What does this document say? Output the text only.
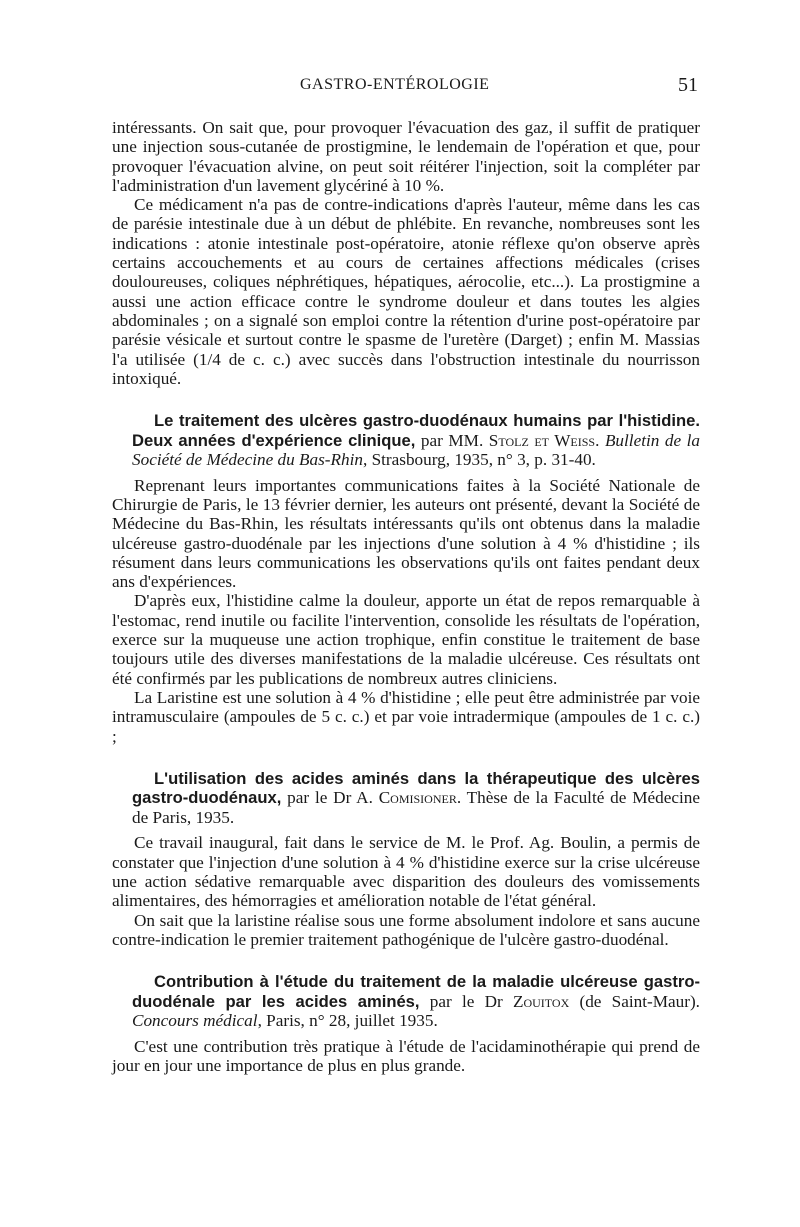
GASTRO-ENTÉROLOGIE	51

intéressants. On sait que, pour provoquer l'évacuation des gaz, il suffit de pratiquer une injection sous-cutanée de prostigmine, le lendemain de l'opération et que, pour provoquer l'évacuation alvine, on peut soit réitérer l'injection, soit la compléter par l'administration d'un lavement glycériné à 10 %.

Ce médicament n'a pas de contre-indications d'après l'auteur, même dans les cas de parésie intestinale due à un début de phlébite. En revanche, nombreuses sont les indications : atonie intestinale post-opératoire, atonie réflexe qu'on observe après certains accouchements et au cours de certaines affections médicales (crises douloureuses, coliques néphrétiques, hépatiques, aérocolie, etc...). La prostigmine a aussi une action efficace contre le syndrome douleur et dans toutes les algies abdominales ; on a signalé son emploi contre la rétention d'urine post-opératoire par parésie vésicale et surtout contre le spasme de l'uretère (Darget) ; enfin M. Massias l'a utilisée (1/4 de c. c.) avec succès dans l'obstruction intestinale du nourrisson intoxiqué.

Le traitement des ulcères gastro-duodénaux humains par l'histidine. Deux années d'expérience clinique, par MM. Stolz et Weiss. Bulletin de la Société de Médecine du Bas-Rhin, Strasbourg, 1935, n° 3, p. 31-40.

Reprenant leurs importantes communications faites à la Société Nationale de Chirurgie de Paris, le 13 février dernier, les auteurs ont présenté, devant la Société de Médecine du Bas-Rhin, les résultats intéressants qu'ils ont obtenus dans la maladie ulcéreuse gastro-duodénale par les injections d'une solution à 4 % d'histidine ; ils résument dans leurs communications les observations qu'ils ont faites pendant deux ans d'expériences.

D'après eux, l'histidine calme la douleur, apporte un état de repos remarquable à l'estomac, rend inutile ou facilite l'intervention, consolide les résultats de l'opération, exerce sur la muqueuse une action trophique, enfin constitue le traitement de base toujours utile des diverses manifestations de la maladie ulcéreuse. Ces résultats ont été confirmés par les publications de nombreux autres cliniciens.

La Laristine est une solution à 4 % d'histidine ; elle peut être administrée par voie intramusculaire (ampoules de 5 c. c.) et par voie intradermique (ampoules de 1 c. c.) ;

L'utilisation des acides aminés dans la thérapeutique des ulcères gastro-duodénaux, par le Dr A. Comisioner. Thèse de la Faculté de Médecine de Paris, 1935.

Ce travail inaugural, fait dans le service de M. le Prof. Ag. Boulin, a permis de constater que l'injection d'une solution à 4 % d'histidine exerce sur la crise ulcéreuse une action sédative remarquable avec disparition des douleurs des vomissements alimentaires, des hémorragies et amélioration notable de l'état général.

On sait que la laristine réalise sous une forme absolument indolore et sans aucune contre-indication le premier traitement pathogénique de l'ulcère gastro-duodénal.

Contribution à l'étude du traitement de la maladie ulcéreuse gastro-duodénale par les acides aminés, par le Dr Zouitox (de Saint-Maur). Concours médical, Paris, n° 28, juillet 1935.

C'est une contribution très pratique à l'étude de l'acidaminothérapie qui prend de jour en jour une importance de plus en plus grande.
